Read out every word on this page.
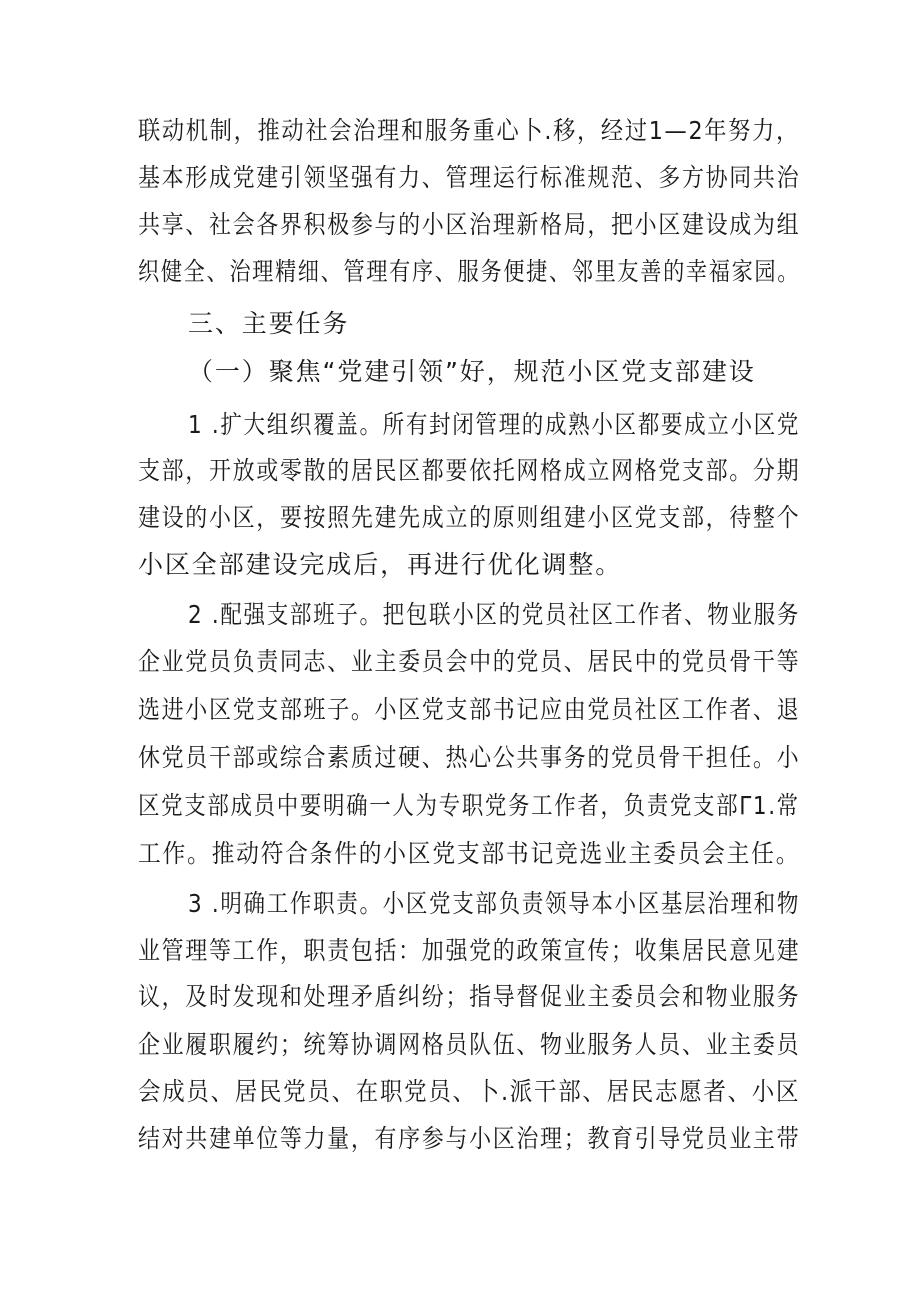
联动机制，推动社会治理和服务重心卜.移，经过1—2年努力，
基本形成党建引领坚强有力、管理运行标准规范、多方协同共治
共享、社会各界积极参与的小区治理新格局，把小区建设成为组
织健全、治理精细、管理有序、服务便捷、邻里友善的幸福家园。
三、主要任务
（一）聚焦“党建引领”好，规范小区党支部建设
1 .扩大组织覆盖。所有封闭管理的成熟小区都要成立小区党
支部，开放或零散的居民区都要依托网格成立网格党支部。分期
建设的小区，要按照先建先成立的原则组建小区党支部，待整个
小区全部建设完成后，再进行优化调整。
2 .配强支部班子。把包联小区的党员社区工作者、物业服务
企业党员负责同志、业主委员会中的党员、居民中的党员骨干等
选进小区党支部班子。小区党支部书记应由党员社区工作者、退
休党员干部或综合素质过硬、热心公共事务的党员骨干担任。小
区党支部成员中要明确一人为专职党务工作者，负责党支部Γ1.常
工作。推动符合条件的小区党支部书记竞选业主委员会主任。
3 .明确工作职责。小区党支部负责领导本小区基层治理和物
业管理等工作，职责包括：加强党的政策宣传；收集居民意见建
议，及时发现和处理矛盾纠纷；指导督促业主委员会和物业服务
企业履职履约；统筹协调网格员队伍、物业服务人员、业主委员
会成员、居民党员、在职党员、卜.派干部、居民志愿者、小区
结对共建单位等力量，有序参与小区治理；教育引导党员业主带
